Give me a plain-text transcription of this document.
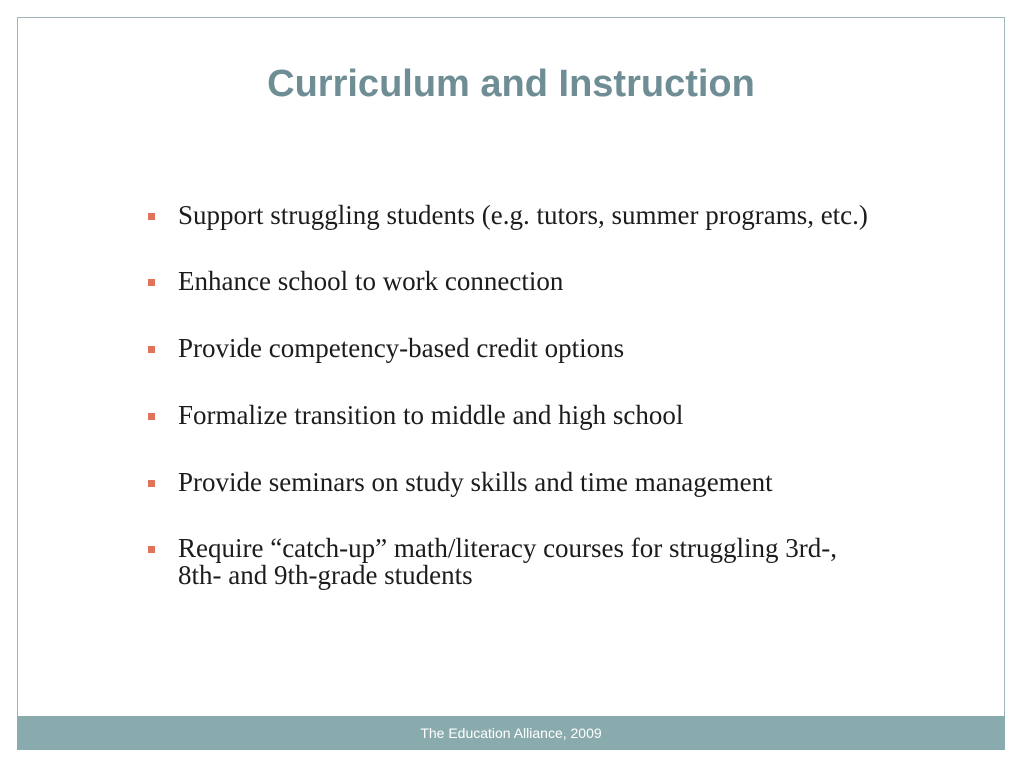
Curriculum and Instruction
Support struggling students (e.g. tutors, summer programs, etc.)
Enhance school to work connection
Provide competency-based credit options
Formalize transition to middle and high school
Provide seminars on study skills and time management
Require “catch-up” math/literacy courses for struggling 3rd-, 8th- and 9th-grade students
The Education Alliance, 2009
